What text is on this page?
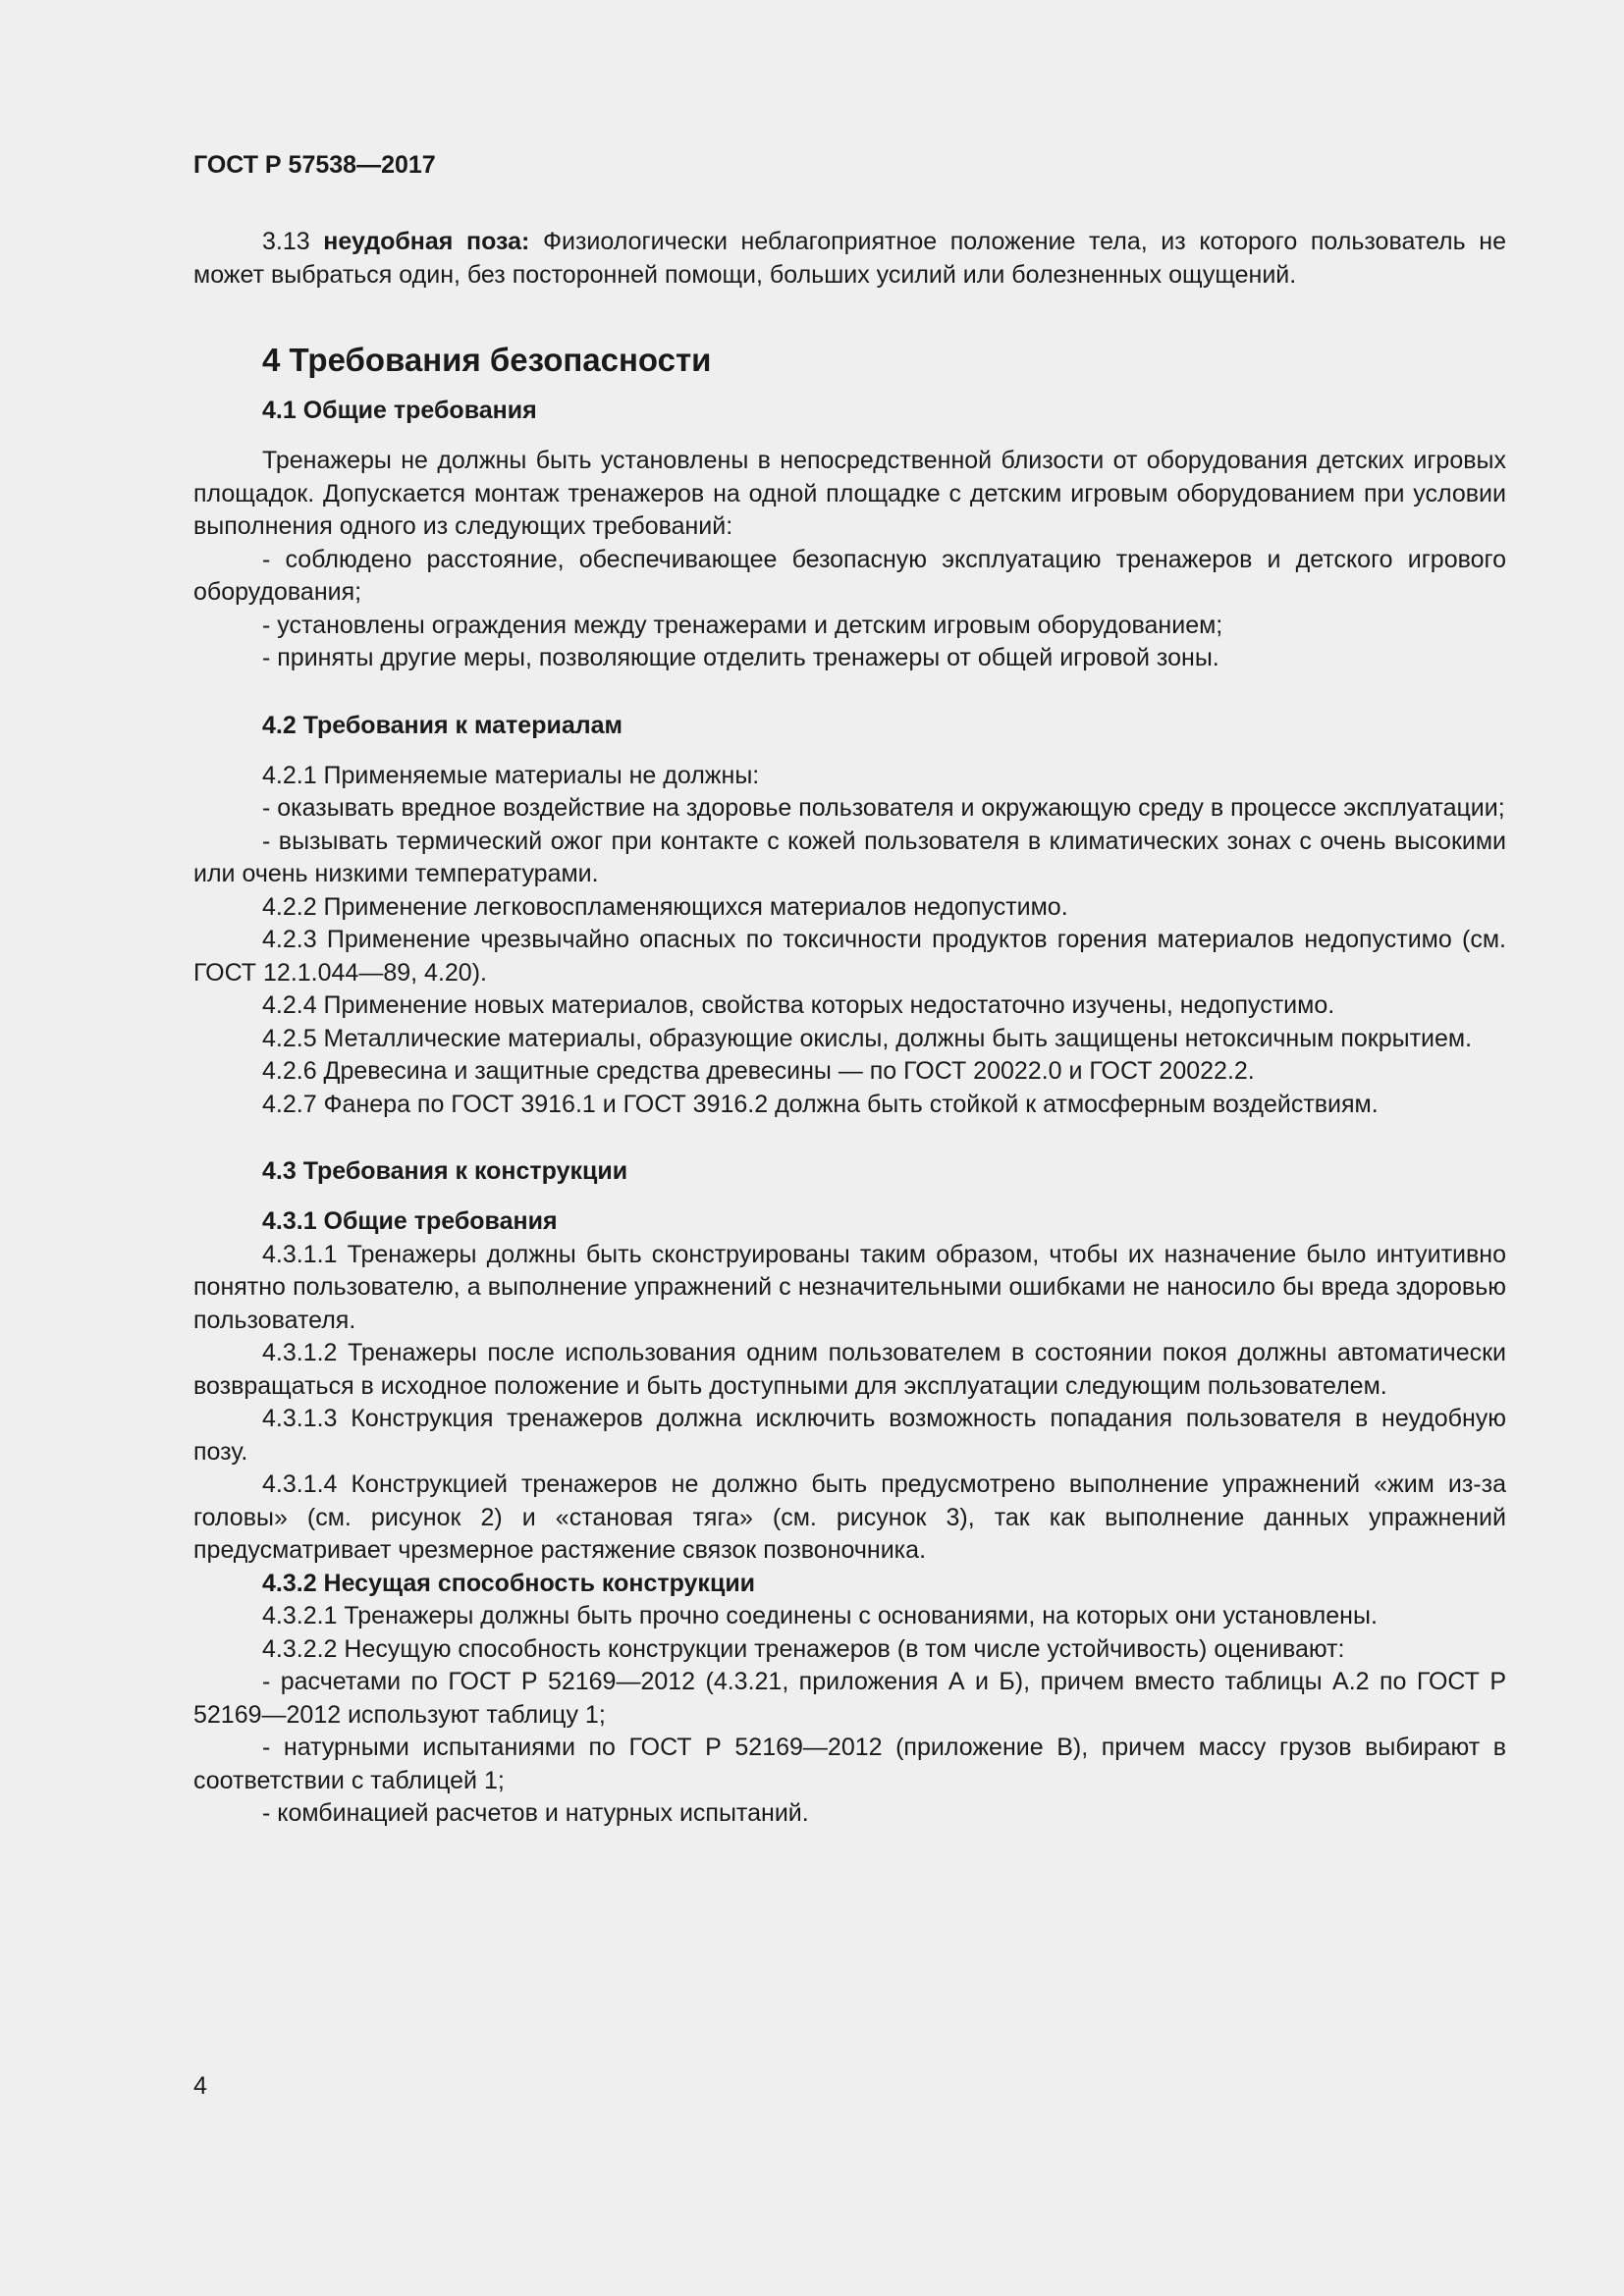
ГОСТ Р 57538—2017

3.13 неудобная поза: Физиологически неблагоприятное положение тела, из которого пользователь не может выбраться один, без посторонней помощи, больших усилий или болезненных ощущений.

4 Требования безопасности
4.1 Общие требования

Тренажеры не должны быть установлены в непосредственной близости от оборудования детских игровых площадок. Допускается монтаж тренажеров на одной площадке с детским игровым оборудованием при условии выполнения одного из следующих требований:

- соблюдено расстояние, обеспечивающее безопасную эксплуатацию тренажеров и детского игрового оборудования;

- установлены ограждения между тренажерами и детским игровым оборудованием;

- приняты другие меры, позволяющие отделить тренажеры от общей игровой зоны.

4.2 Требования к материалам

4.2.1 Применяемые материалы не должны:

- оказывать вредное воздействие на здоровье пользователя и окружающую среду в процессе эксплуатации;

- вызывать термический ожог при контакте с кожей пользователя в климатических зонах с очень высокими или очень низкими температурами.

4.2.2 Применение легковоспламеняющихся материалов недопустимо.

4.2.3 Применение чрезвычайно опасных по токсичности продуктов горения материалов недопустимо (см. ГОСТ 12.1.044—89, 4.20).

4.2.4 Применение новых материалов, свойства которых недостаточно изучены, недопустимо.

4.2.5 Металлические материалы, образующие окислы, должны быть защищены нетоксичным покрытием.

4.2.6 Древесина и защитные средства древесины — по ГОСТ 20022.0 и ГОСТ 20022.2.

4.2.7 Фанера по ГОСТ 3916.1 и ГОСТ 3916.2 должна быть стойкой к атмосферным воздействиям.

4.3 Требования к конструкции
4.3.1 Общие требования

4.3.1.1 Тренажеры должны быть сконструированы таким образом, чтобы их назначение было интуитивно понятно пользователю, а выполнение упражнений с незначительными ошибками не наносило бы вреда здоровью пользователя.

4.3.1.2 Тренажеры после использования одним пользователем в состоянии покоя должны автоматически возвращаться в исходное положение и быть доступными для эксплуатации следующим пользователем.

4.3.1.3 Конструкция тренажеров должна исключить возможность попадания пользователя в неудобную позу.

4.3.1.4 Конструкцией тренажеров не должно быть предусмотрено выполнение упражнений «жим из-за головы» (см. рисунок 2) и «становая тяга» (см. рисунок 3), так как выполнение данных упражнений предусматривает чрезмерное растяжение связок позвоночника.

4.3.2 Несущая способность конструкции

4.3.2.1 Тренажеры должны быть прочно соединены с основаниями, на которых они установлены.

4.3.2.2 Несущую способность конструкции тренажеров (в том числе устойчивость) оценивают:

- расчетами по ГОСТ Р 52169—2012 (4.3.21, приложения А и Б), причем вместо таблицы А.2 по ГОСТ Р 52169—2012 используют таблицу 1;

- натурными испытаниями по ГОСТ Р 52169—2012 (приложение В), причем массу грузов выбирают в соответствии с таблицей 1;

- комбинацией расчетов и натурных испытаний.

4
